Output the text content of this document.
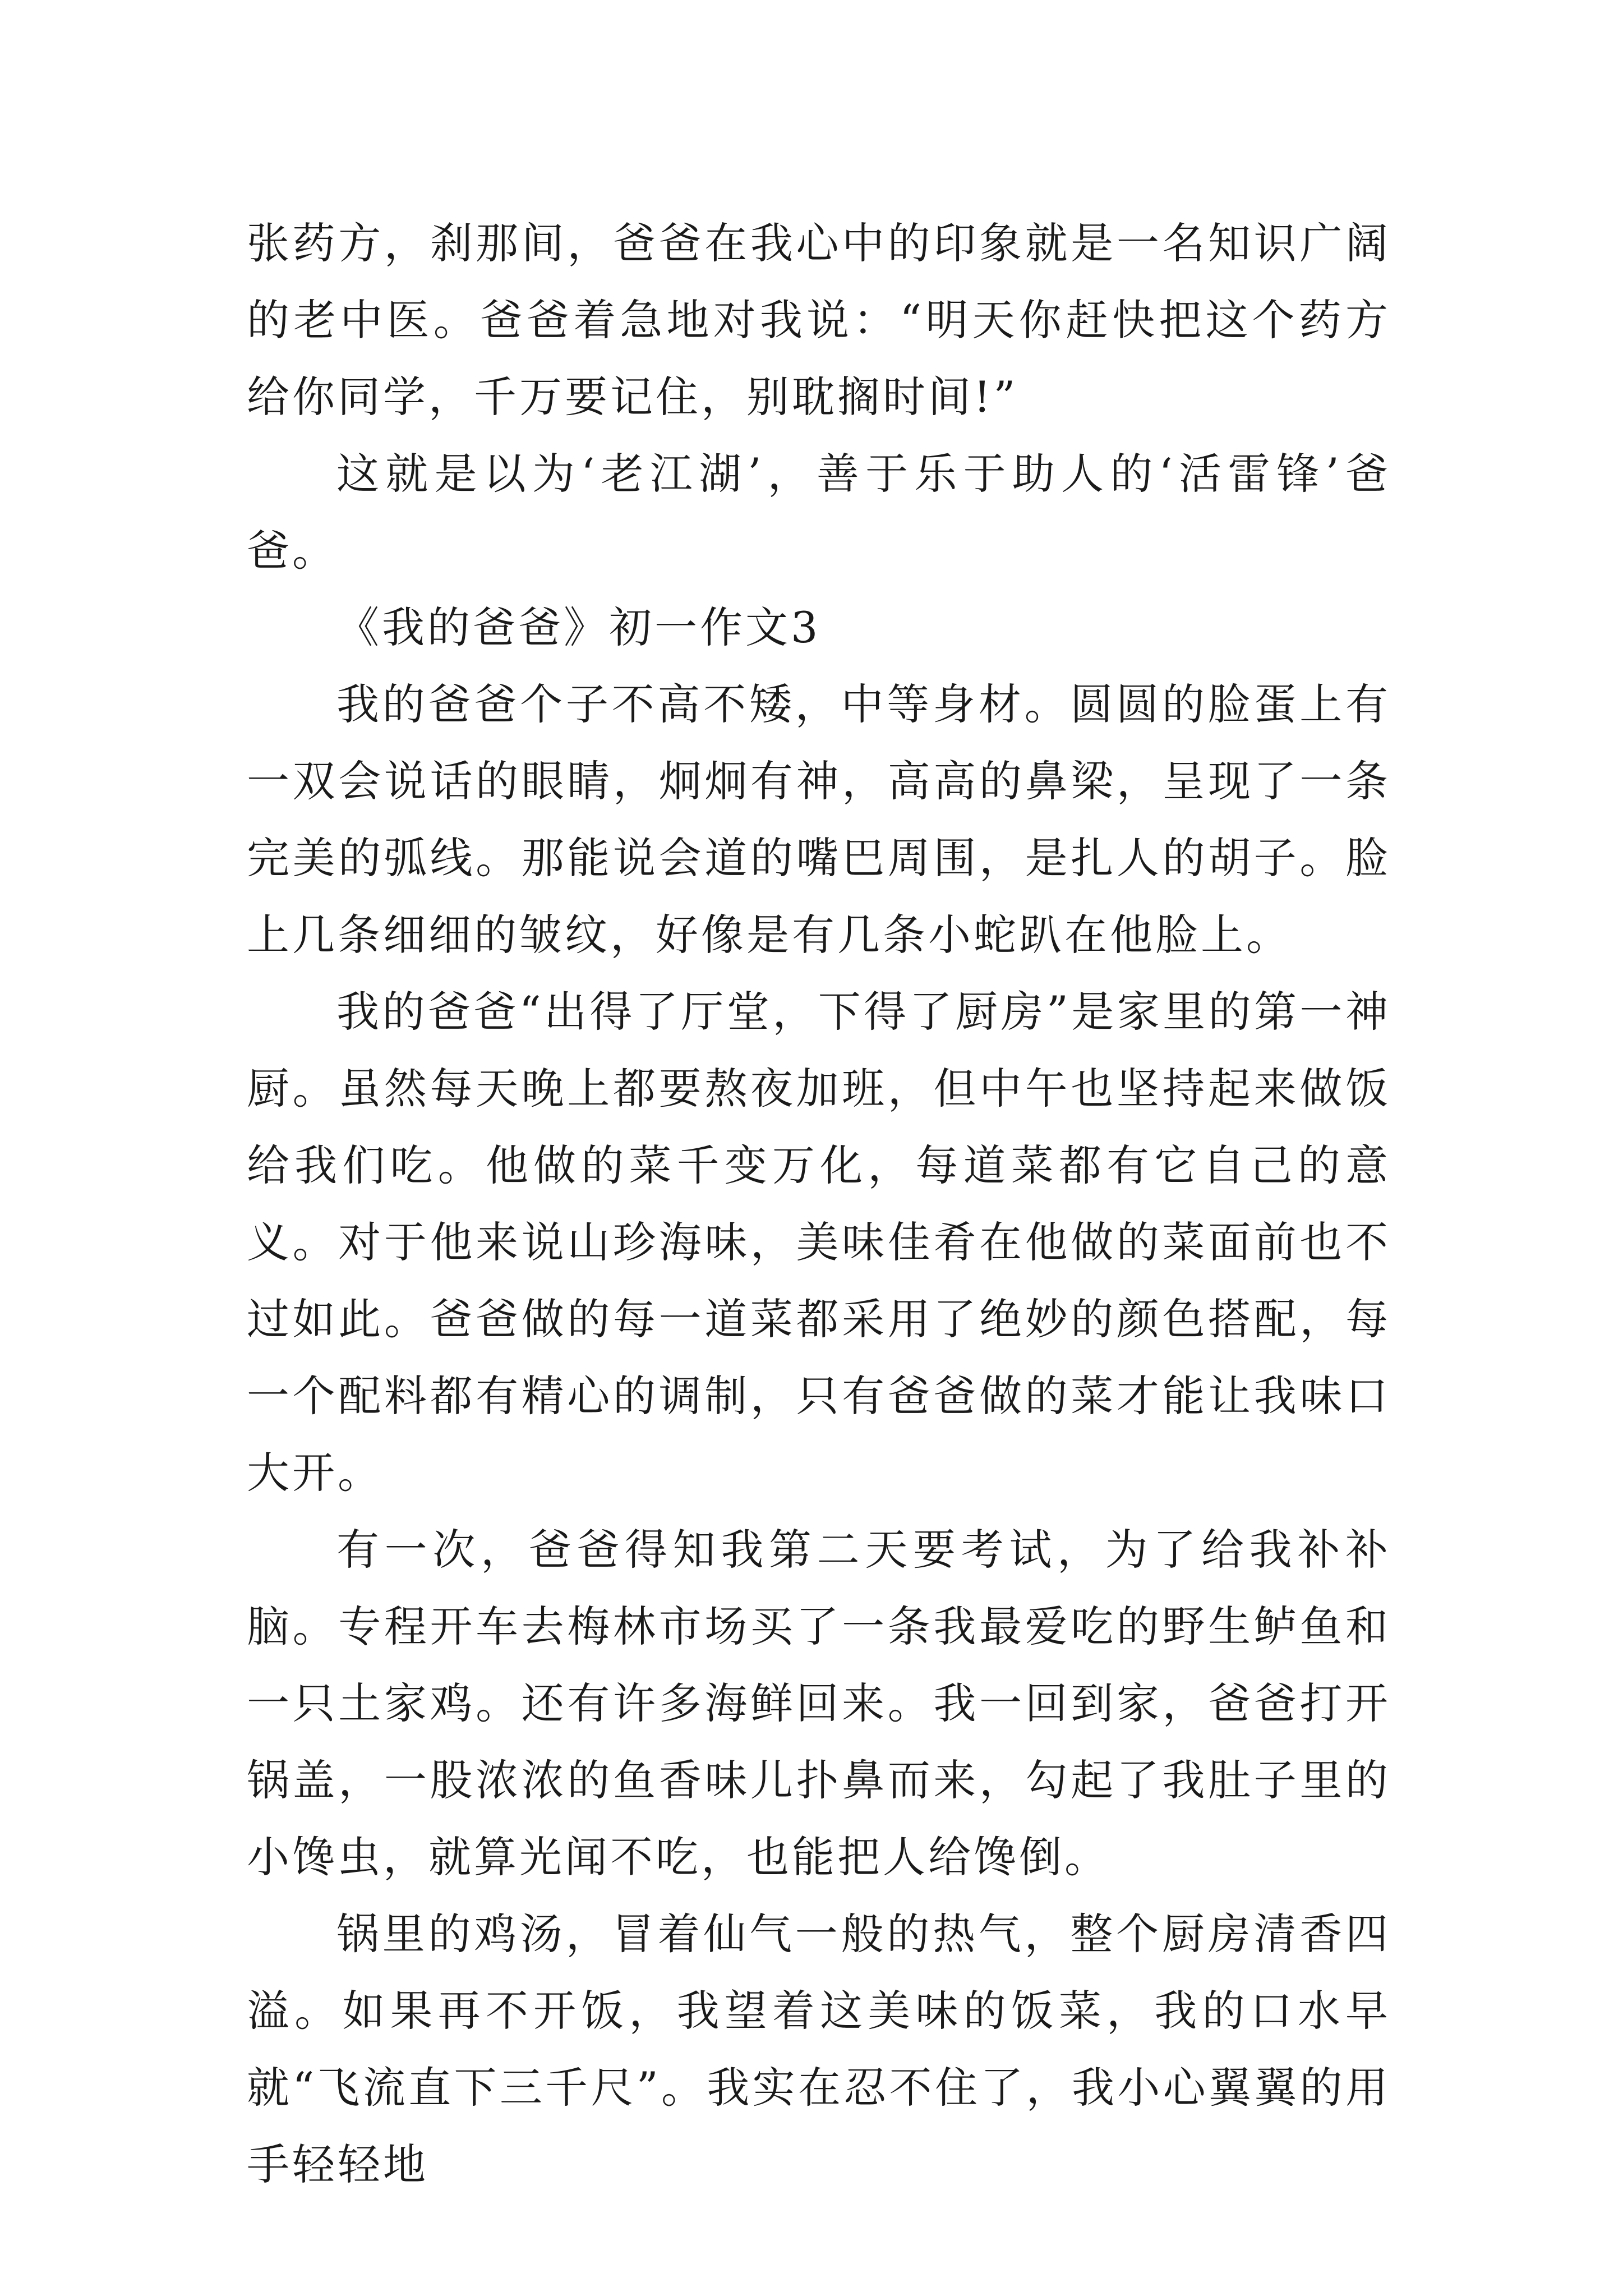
张药方，刹那间，爸爸在我心中的印象就是一名知识广阔的老中医。爸爸着急地对我说：“明天你赶快把这个药方给你同学，千万要记住，别耽搁时间!”

这就是以为‘老江湖’，善于乐于助人的‘活雷锋’爸爸。

《我的爸爸》初一作文3

我的爸爸个子不高不矮，中等身材。圆圆的脸蛋上有一双会说话的眼睛，炯炯有神，高高的鼻梁，呈现了一条完美的弧线。那能说会道的嘴巴周围，是扎人的胡子。脸上几条细细的皱纹，好像是有几条小蛇趴在他脸上。

我的爸爸“出得了厅堂，下得了厨房”是家里的第一神厨。虽然每天晚上都要熬夜加班，但中午也坚持起来做饭给我们吃。他做的菜千变万化，每道菜都有它自己的意义。对于他来说山珍海味，美味佳肴在他做的菜面前也不过如此。爸爸做的每一道菜都采用了绝妙的颜色搭配，每一个配料都有精心的调制，只有爸爸做的菜才能让我味口大开。

有一次，爸爸得知我第二天要考试，为了给我补补脑。专程开车去梅林市场买了一条我最爱吃的野生鲈鱼和一只土家鸡。还有许多海鲜回来。我一回到家，爸爸打开锅盖，一股浓浓的鱼香味儿扑鼻而来，勾起了我肚子里的小馋虫，就算光闻不吃，也能把人给馋倒。

锅里的鸡汤，冒着仙气一般的热气，整个厨房清香四溢。如果再不开饭，我望着这美味的饭菜，我的口水早就“飞流直下三千尺”。我实在忍不住了，我小心翼翼的用手轻轻地
